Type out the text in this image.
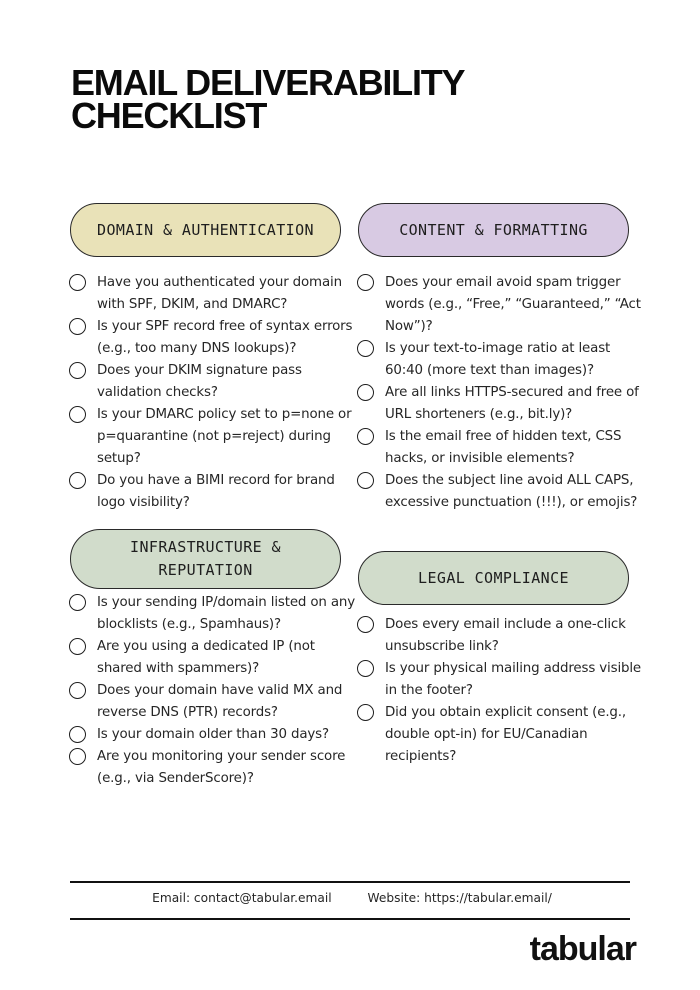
EMAIL DELIVERABILITY
CHECKLIST
DOMAIN & AUTHENTICATION
Have you authenticated your domain with SPF, DKIM, and DMARC?
Is your SPF record free of syntax errors (e.g., too many DNS lookups)?
Does your DKIM signature pass validation checks?
Is your DMARC policy set to p=none or p=quarantine (not p=reject) during setup?
Do you have a BIMI record for brand logo visibility?
CONTENT & FORMATTING
Does your email avoid spam trigger words (e.g., “Free,” “Guaranteed,” “Act Now”)?
Is your text-to-image ratio at least 60:40 (more text than images)?
Are all links HTTPS-secured and free of URL shorteners (e.g., bit.ly)?
Is the email free of hidden text, CSS hacks, or invisible elements?
Does the subject line avoid ALL CAPS, excessive punctuation (!!!), or emojis?
INFRASTRUCTURE &
REPUTATION
Is your sending IP/domain listed on any blocklists (e.g., Spamhaus)?
Are you using a dedicated IP (not shared with spammers)?
Does your domain have valid MX and reverse DNS (PTR) records?
Is your domain older than 30 days?
Are you monitoring your sender score (e.g., via SenderScore)?
LEGAL COMPLIANCE
Does every email include a one-click unsubscribe link?
Is your physical mailing address visible in the footer?
Did you obtain explicit consent (e.g., double opt-in) for EU/Canadian recipients?
Email: contact@tabular.email	Website: https://tabular.email/
tabular
